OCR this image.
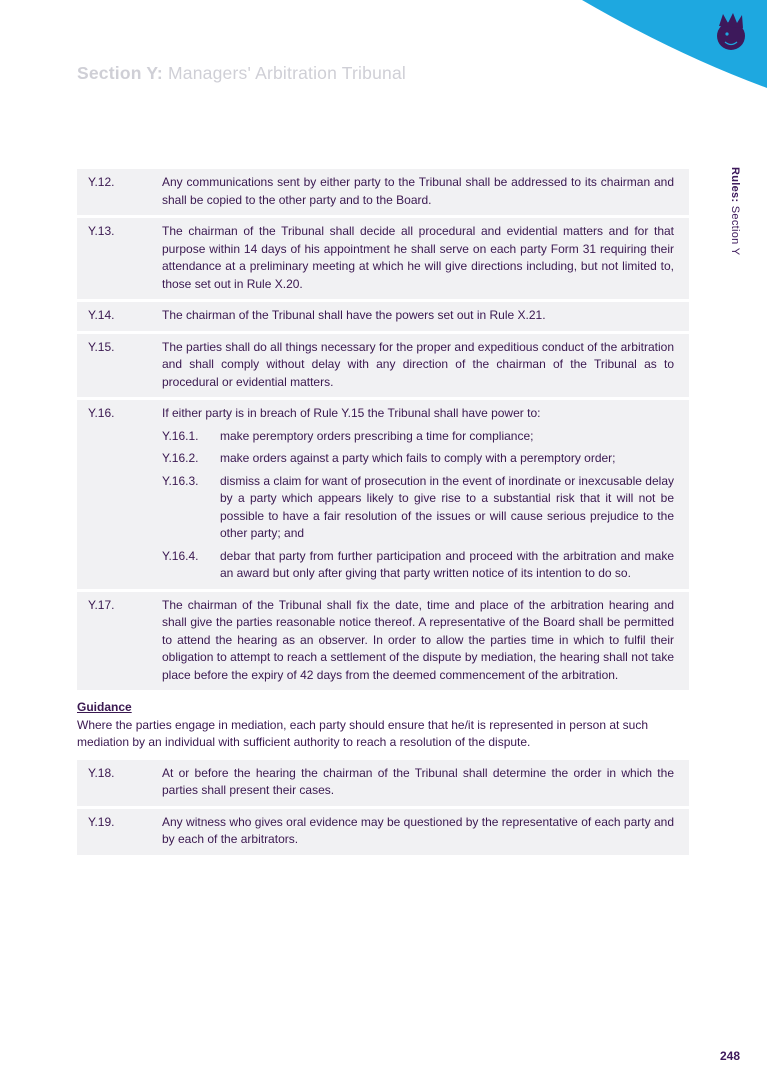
Section Y: Managers' Arbitration Tribunal
Rules: Section Y
Y.12.	Any communications sent by either party to the Tribunal shall be addressed to its chairman and shall be copied to the other party and to the Board.
Y.13.	The chairman of the Tribunal shall decide all procedural and evidential matters and for that purpose within 14 days of his appointment he shall serve on each party Form 31 requiring their attendance at a preliminary meeting at which he will give directions including, but not limited to, those set out in Rule X.20.
Y.14.	The chairman of the Tribunal shall have the powers set out in Rule X.21.
Y.15.	The parties shall do all things necessary for the proper and expeditious conduct of the arbitration and shall comply without delay with any direction of the chairman of the Tribunal as to procedural or evidential matters.
Y.16.	If either party is in breach of Rule Y.15 the Tribunal shall have power to:
Y.16.1.	make peremptory orders prescribing a time for compliance;
Y.16.2.	make orders against a party which fails to comply with a peremptory order;
Y.16.3.	dismiss a claim for want of prosecution in the event of inordinate or inexcusable delay by a party which appears likely to give rise to a substantial risk that it will not be possible to have a fair resolution of the issues or will cause serious prejudice to the other party; and
Y.16.4.	debar that party from further participation and proceed with the arbitration and make an award but only after giving that party written notice of its intention to do so.
Y.17.	The chairman of the Tribunal shall fix the date, time and place of the arbitration hearing and shall give the parties reasonable notice thereof. A representative of the Board shall be permitted to attend the hearing as an observer. In order to allow the parties time in which to fulfil their obligation to attempt to reach a settlement of the dispute by mediation, the hearing shall not take place before the expiry of 42 days from the deemed commencement of the arbitration.
Guidance
Where the parties engage in mediation, each party should ensure that he/it is represented in person at such mediation by an individual with sufficient authority to reach a resolution of the dispute.
Y.18.	At or before the hearing the chairman of the Tribunal shall determine the order in which the parties shall present their cases.
Y.19.	Any witness who gives oral evidence may be questioned by the representative of each party and by each of the arbitrators.
248
